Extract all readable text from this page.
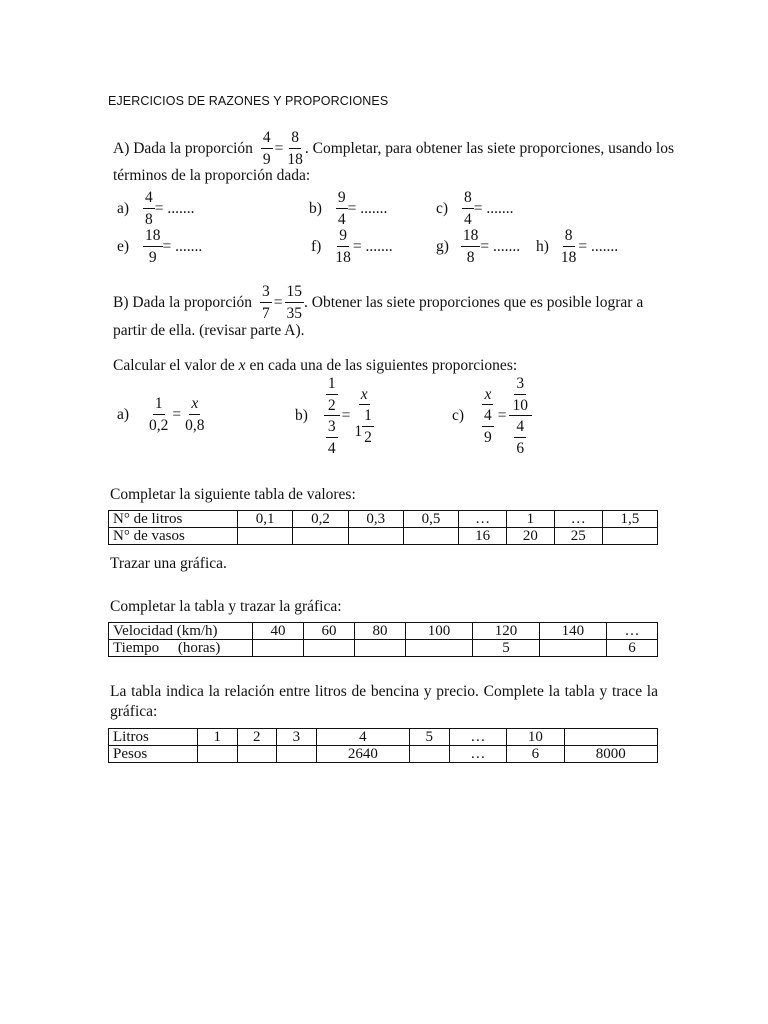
EJERCICIOS DE RAZONES Y PROPORCIONES
A) Dada la proporción $\frac{4}{9} = \frac{8}{18}$ . Completar, para obtener las siete proporciones, usando los
términos de la proporción dada:
$a) \frac{4}{8}$ = .......	$b) \frac{9}{4}$ = .......	$c) \frac{8}{4}$ = .......
$e) \frac{18}{9}$ = .......	$f) \frac{9}{18}$ = .......	$g) \frac{18}{8}$ = ....... $h) \frac{8}{18}$ = .......
B) Dada la proporción $\frac{3}{7} = \frac{15}{35}$ . Obtener las siete proporciones que es posible lograr a
partir de ella. (revisar parte A).
Calcular el valor de x en cada una de las siguientes proporciones:
$a) \frac{1}{0,2} = \frac{x}{0,8}$	$b) \frac{\frac{1}{2}}{\frac{3}{4}} = \frac{x}{1 \frac{1}{2}}$	$c) \frac{x}{\frac{4}{9}} = \frac{\frac{3}{10}}{\frac{4}{6}}$
Completar la siguiente tabla de valores:
N° de litros	0,1	0,2	0,3	0,5	…	1	…	1,5
N° de vasos					16	20	25	
Trazar una gráfica.
Completar la tabla y trazar la gráfica:
Velocidad (km/h)	40	60	80	100	120	140	…
Tiempo     (horas)					5		6
La tabla indica la relación entre litros de bencina y precio. Complete la tabla y trace la
gráfica:
Litros	1	2	3	4	5	…	10	
Pesos				2640		…	6	8000
